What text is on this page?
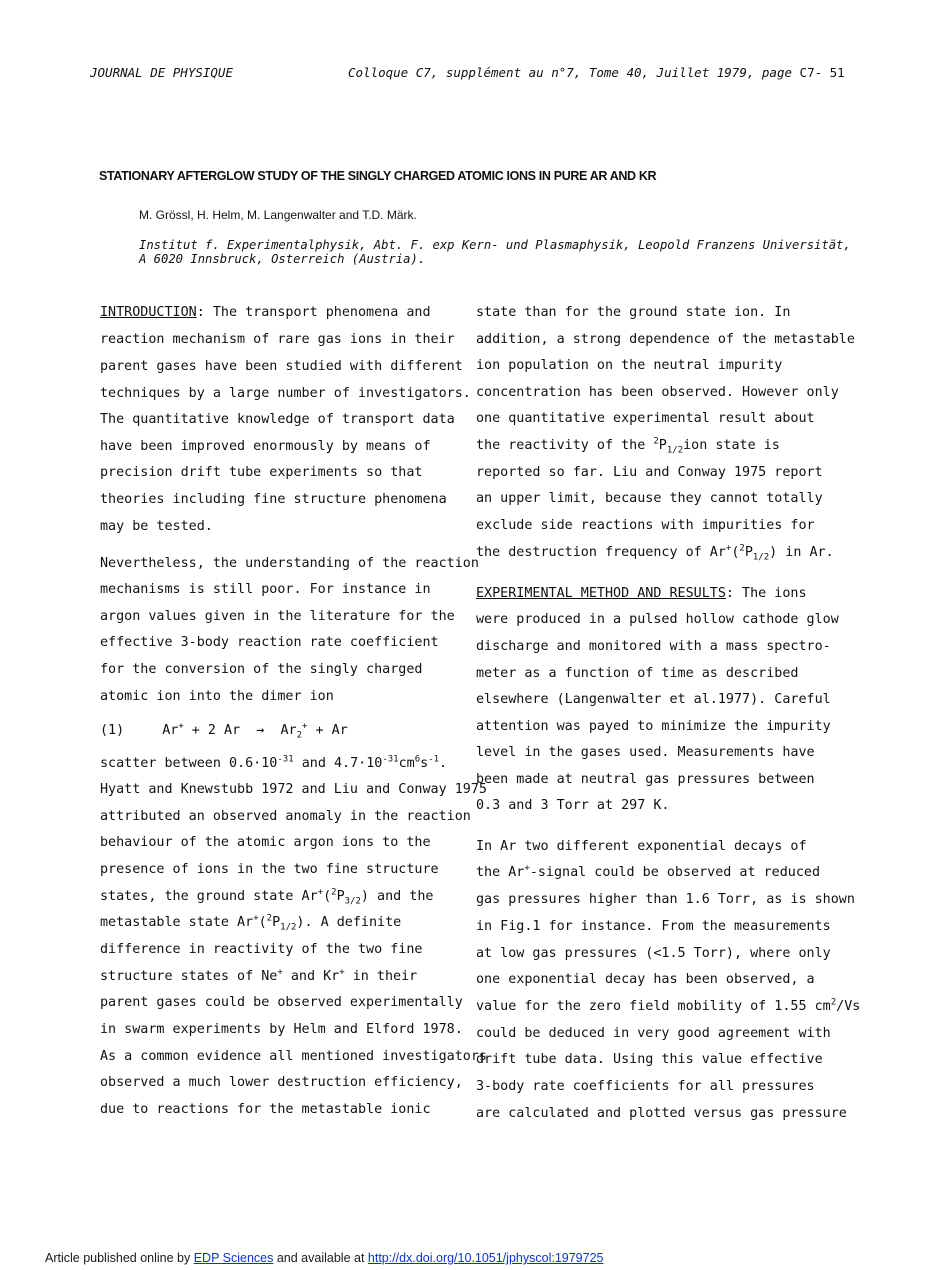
JOURNAL DE PHYSIQUE	Colloque C7, supplément au n°7, Tome 40, Juillet 1979, page C7- 51
STATIONARY AFTERGLOW STUDY OF THE SINGLY CHARGED ATOMIC IONS IN PURE AR AND KR
M. Grössl, H. Helm, M. Langenwalter and T.D. Märk.
Institut f. Experimentalphysik, Abt. F. exp Kern- und Plasmaphysik, Leopold Franzens Universität,
A 6020 Innsbruck, Osterreich (Austria).
INTRODUCTION: The transport phenomena and
reaction mechanism of rare gas ions in their
parent gases have been studied with different
techniques by a large number of investigators.
The quantitative knowledge of transport data
have been improved enormously by means of
precision drift tube experiments so that
theories including fine structure phenomena
may be tested.
Nevertheless, the understanding of the reaction
mechanisms is still poor. For instance in
argon values given in the literature for the
effective 3-body reaction rate coefficient
for the conversion of the singly charged
atomic ion into the dimer ion
(1)	Ar+ + 2 $Ar \to Ar_2^+ + Ar$
scatter between $0.6\cdot 10^{-31}$ and $4.7\cdot 10^{-31}cm^6s^{-1}$.
Hyatt and Knewstubb 1972 and Liu and Conway 1975
attributed an observed anomaly in the reaction
behaviour of the atomic argon ions to the
presence of ions in the two fine structure
states, the ground state $Ar^+(^2P_{3/2})$ and the
metastable state $Ar^+(^2P_{1/2})$. A definite
difference in reactivity of the two fine
structure states of Ne+ and Kr+ in their
parent gases could be observed experimentally
in swarm experiments by Helm and Elford 1978.
As a common evidence all mentioned investigators
observed a much lower destruction efficiency,
due to reactions for the metastable ionic
state than for the ground state ion. In
addition, a strong dependence of the metastable
ion population on the neutral impurity
concentration has been observed. However only
one quantitative experimental result about
the reactivity of the $^2P_{1/2}ion$ state is
reported so far. Liu and Conway 1975 report
an upper limit, because they cannot totally
exclude side reactions with impurities for
the destruction frequency of $Ar^+(^2P_{1/2})$ in Ar.
EXPERIMENTAL METHOD AND RESULTS: The ions
were produced in a pulsed hollow cathode glow
discharge and monitored with a mass spectro-
meter as a function of time as described
elsewhere (Langenwalter et al.1977). Careful
attention was payed to minimize the impurity
level in the gases used. Measurements have
been made at neutral gas pressures between
0.3 and 3 Torr at 297 K.
In Ar two different exponential decays of
the Ar+-signal could be observed at reduced
gas pressures higher than 1.6 Torr, as is shown
in Fig.1 for instance. From the measurements
at low gas pressures (<1.5 Torr), where only
one exponential decay has been observed, a
value for the zero field mobility of 1.55 $cm^2/Vs$
could be deduced in very good agreement with
drift tube data. Using this value effective
3-body rate coefficients for all pressures
are calculated and plotted versus gas pressure
Article published online by EDP Sciences and available at http://dx.doi.org/10.1051/jphyscol:1979725
